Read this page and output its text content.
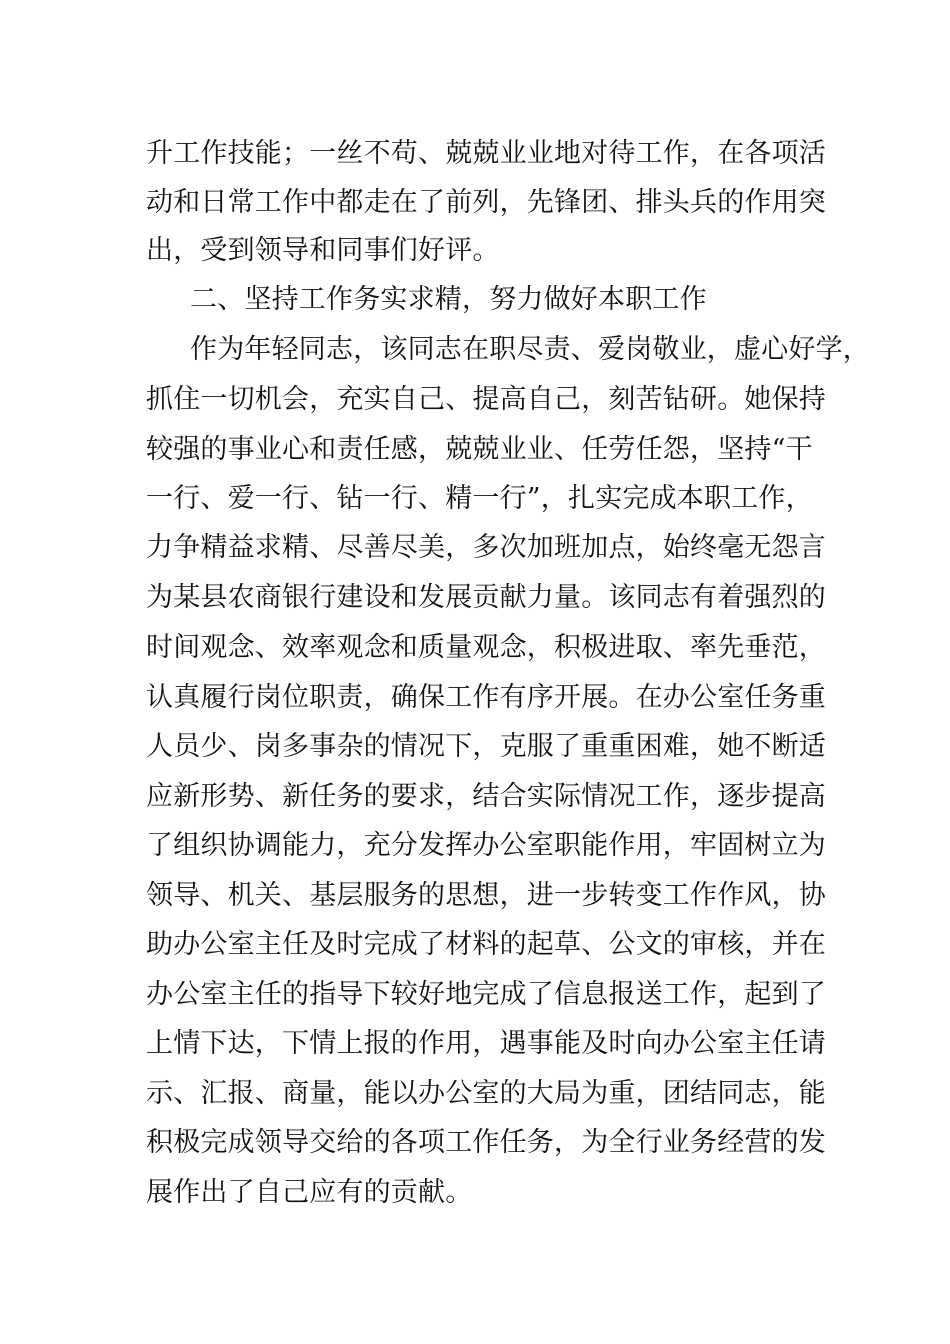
升工作技能；一丝不苟、兢兢业业地对待工作，在各项活
动和日常工作中都走在了前列，先锋团、排头兵的作用突
出，受到领导和同事们好评。
二、坚持工作务实求精，努力做好本职工作
作为年轻同志，该同志在职尽责、爱岗敬业，虚心好学，
抓住一切机会，充实自己、提高自己，刻苦钻研。她保持
较强的事业心和责任感，兢兢业业、任劳任怨，坚持“干
一行、爱一行、钻一行、精一行”，扎实完成本职工作，
力争精益求精、尽善尽美，多次加班加点，始终毫无怨言
为某县农商银行建设和发展贡献力量。该同志有着强烈的
时间观念、效率观念和质量观念，积极进取、率先垂范，
认真履行岗位职责，确保工作有序开展。在办公室任务重
人员少、岗多事杂的情况下，克服了重重困难，她不断适
应新形势、新任务的要求，结合实际情况工作，逐步提高
了组织协调能力，充分发挥办公室职能作用，牢固树立为
领导、机关、基层服务的思想，进一步转变工作作风，协
助办公室主任及时完成了材料的起草、公文的审核，并在
办公室主任的指导下较好地完成了信息报送工作，起到了
上情下达，下情上报的作用，遇事能及时向办公室主任请
示、汇报、商量，能以办公室的大局为重，团结同志，能
积极完成领导交给的各项工作任务，为全行业务经营的发
展作出了自己应有的贡献。
